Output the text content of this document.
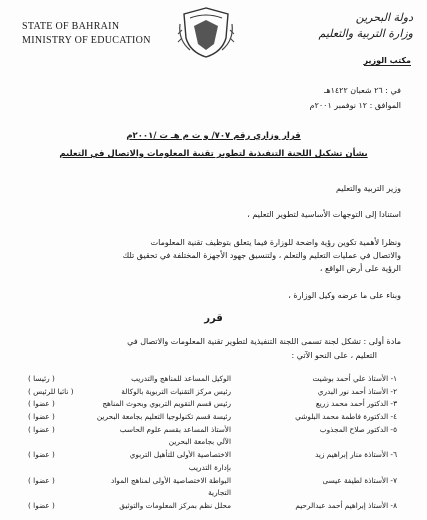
STATE OF BAHRAIN
MINISTRY OF EDUCATION
دولة البحرين
وزارة التربية والتعليم
مكتب الوزير
في : ٢٦ شعبان ١٤٢٢هـ
الموافق : ١٢ نوفمبر ٢٠٠١م
قرار وزاري رقم ٧٠٧/ و ت م هـ ت /٢٠٠١م
بشأن تشكيل اللجنة التنفيذية لتطوير تقنية المعلومات والاتصال في التعليم
وزير التربية والتعليم
استنادا إلى التوجهات الأساسية لتطوير التعليم ،
ونظرا لأهمية تكوين رؤية واضحة للوزارة فيما يتعلق بتوظيف تقنية المعلومات
والاتصال في عمليات التعليم والتعلم ، ولتنسيق جهود الأجهزة المختلفة في تحقيق تلك
الرؤية على أرض الواقع ،
وبناء على ما عرضه وكيل الوزارة ،
قرر
مادة أولى : تشكل لجنة تسمى اللجنة التنفيذية لتطوير تقنية المعلومات والاتصال في
التعليم ، على النحو الآتي :
١- الأستاذ علي أحمد بوشيت
الوكيل المساعد للمناهج والتدريب
( رئيسا )
٢- الأستاذ أحمد نور البدري
رئيس مركز التقنيات التربوية بالوكالة
( نائبا للرئيس )
٣- الدكتور أحمد محمد زريع
رئيس قسم التقويم التربوي وبحوث المناهج
( عضوا )
٤- الدكتورة فاطمة محمد البلوشي
رئيسة قسم تكنولوجيا التعليم بجامعة البحرين
( عضوا )
٥- الدكتور صلاح المجذوب
الأستاذ المساعد بقسم علوم الحاسب
( عضوا )
الآلي بجامعة البحرين
٦- الأستاذة منار إبراهيم زيد
الاختصاصية الأولى للتأهيل التربوي
( عضوا )
بإدارة التدريب
٧- الأستاذة لطيفة عيسى
البواطة الاختصاصية الأولى لمناهج المواد
( عضوا )
التجارية
٨- الأستاذ إبراهيم أحمد عبدالرحيم
محلل نظم بمركز المعلومات والتوثيق
( عضوا )
